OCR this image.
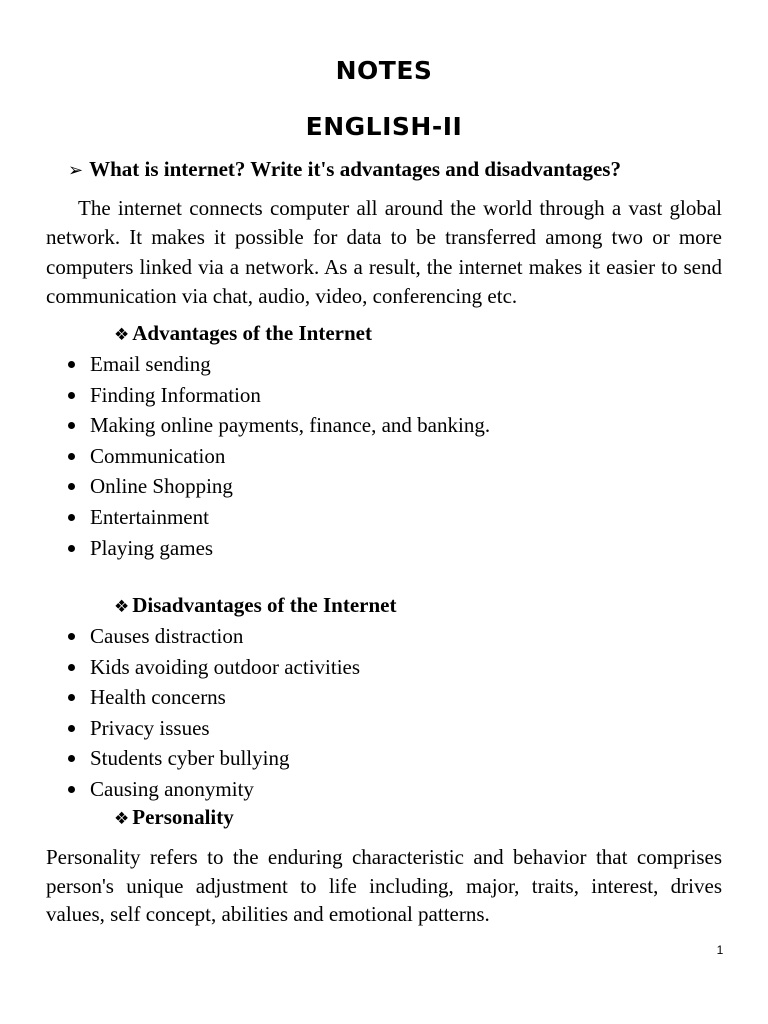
NOTES
ENGLISH-II
➢ What is internet? Write it's advantages and disadvantages?
The internet connects computer all around the world through a vast global network. It makes it possible for data to be transferred among two or more computers linked via a network. As a result, the internet makes it easier to send communication via chat, audio, video, conferencing etc.
❖ Advantages of the Internet
Email sending
Finding Information
Making online payments, finance, and banking.
Communication
Online Shopping
Entertainment
Playing games
❖ Disadvantages of the Internet
Causes distraction
Kids avoiding outdoor activities
Health concerns
Privacy issues
Students cyber bullying
Causing anonymity
❖ Personality
Personality refers to the enduring characteristic and behavior that comprises person's unique adjustment to life including, major, traits, interest, drives values, self concept, abilities and emotional patterns.
1
